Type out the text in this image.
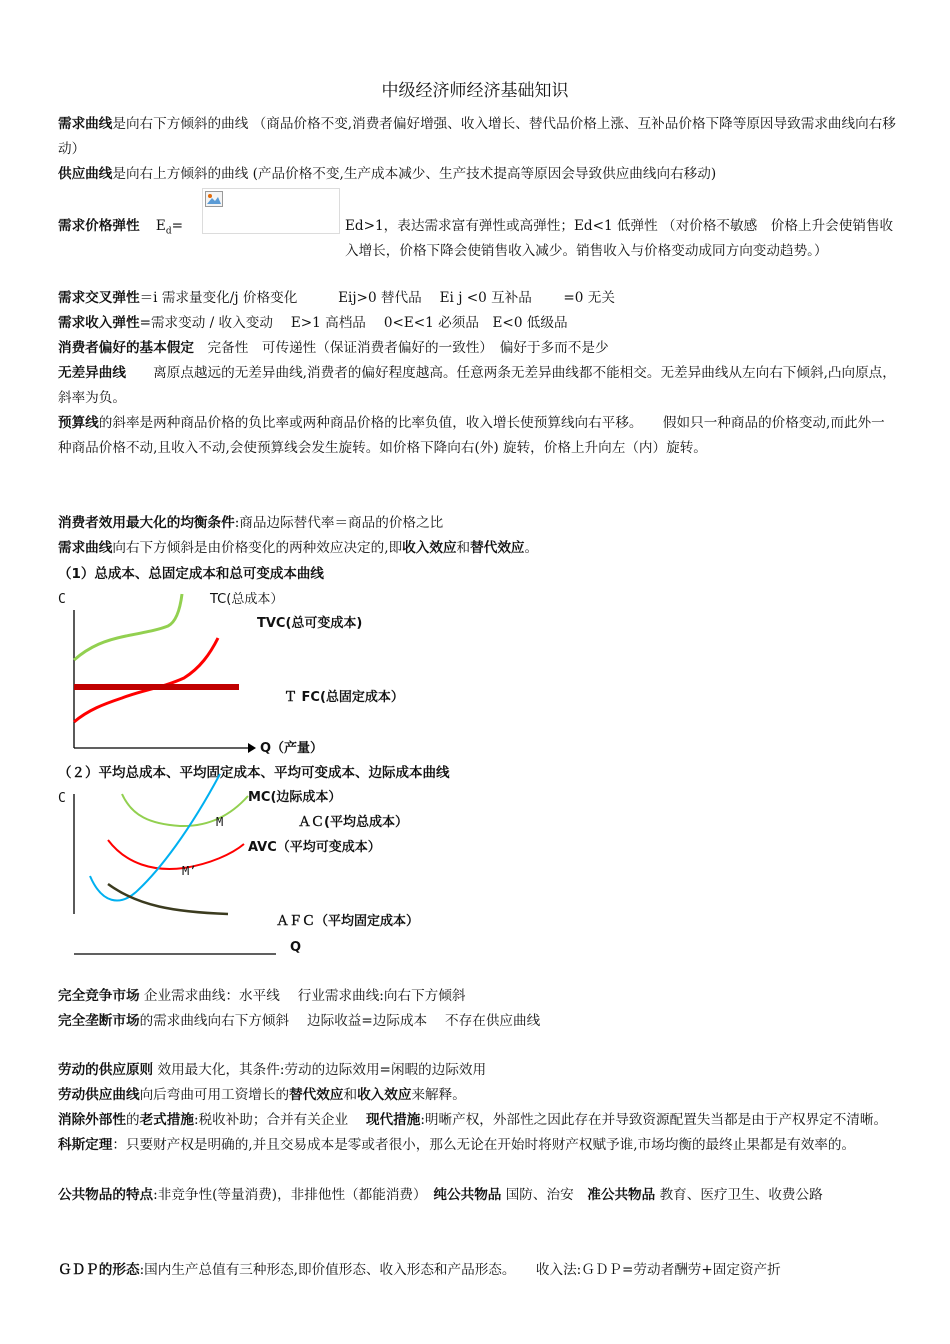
中级经济师经济基础知识
需求曲线是向右下方倾斜的曲线 （商品价格不变,消费者偏好增强、收入增长、替代品价格上涨、互补品价格下降等原因导致需求曲线向右移动）
供应曲线是向右上方倾斜的曲线 (产品价格不变,生产成本减少、生产技术提高等原因会导致供应曲线向右移动)
需求价格弹性 $E_d=$	Ed>1，表达需求富有弹性或高弹性；Ed<1 低弹性 （对价格不敏感　价格上升会使销售收入增长，价格下降会使销售收入减少。销售收入与价格变动成同方向变动趋势。）
需求交叉弹性＝i 需求量变化/j 价格变化　　　Eij>0 替代品　 Ei j <0 互补品　　 =0 无关
需求收入弹性=需求变动 / 收入变动　 E>1 高档品　 0<E<1 必须品　E<0 低级品
消费者偏好的基本假定　完备性　可传递性（保证消费者偏好的一致性）　偏好于多而不是少
无差异曲线　　离原点越远的无差异曲线,消费者的偏好程度越高。任意两条无差异曲线都不能相交。无差异曲线从左向右下倾斜,凸向原点，斜率为负。
预算线的斜率是两种商品价格的负比率或两种商品价格的比率负值，收入增长使预算线向右平移。　　假如只一种商品的价格变动,而此外一种商品价格不动,且收入不动,会使预算线会发生旋转。如价格下降向右(外) 旋转，价格上升向左（内）旋转。
消费者效用最大化的均衡条件:商品边际替代率＝商品的价格之比
需求曲线向右下方倾斜是由价格变化的两种效应决定的,即收入效应和替代效应。
（1）总成本、总固定成本和总可变成本曲线
C
Q（产量）
TC(总成本）
TVC(总可变成本)
Ｔ FC(总固定成本）
（２）平均总成本、平均固定成本、平均可变成本、边际成本曲线
C
M
M’
MC(边际成本）
ＡＣ(平均总成本）
AVC（平均可变成本）
ＡＦＣ（平均固定成本）
Q
完全竞争市场 企业需求曲线：水平线　 行业需求曲线:向右下方倾斜
完全垄断市场的需求曲线向右下方倾斜　 边际收益=边际成本　 不存在供应曲线
劳动的供应原则 效用最大化，其条件:劳动的边际效用=闲暇的边际效用
劳动供应曲线向后弯曲可用工资增长的替代效应和收入效应来解释。
消除外部性的老式措施:税收补助；合并有关企业　 现代措施:明晰产权，外部性之因此存在并导致资源配置失当都是由于产权界定不清晰。科斯定理：只要财产权是明确的,并且交易成本是零或者很小，那么无论在开始时将财产权赋予谁,市场均衡的最终止果都是有效率的。
公共物品的特点:非竞争性(等量消费)，非排他性（都能消费）　纯公共物品 国防、治安　准公共物品 教育、医疗卫生、收费公路
ＧＤＰ的形态:国内生产总值有三种形态,即价值形态、收入形态和产品形态。　　收入法:ＧＤＰ=劳动者酬劳+固定资产折
